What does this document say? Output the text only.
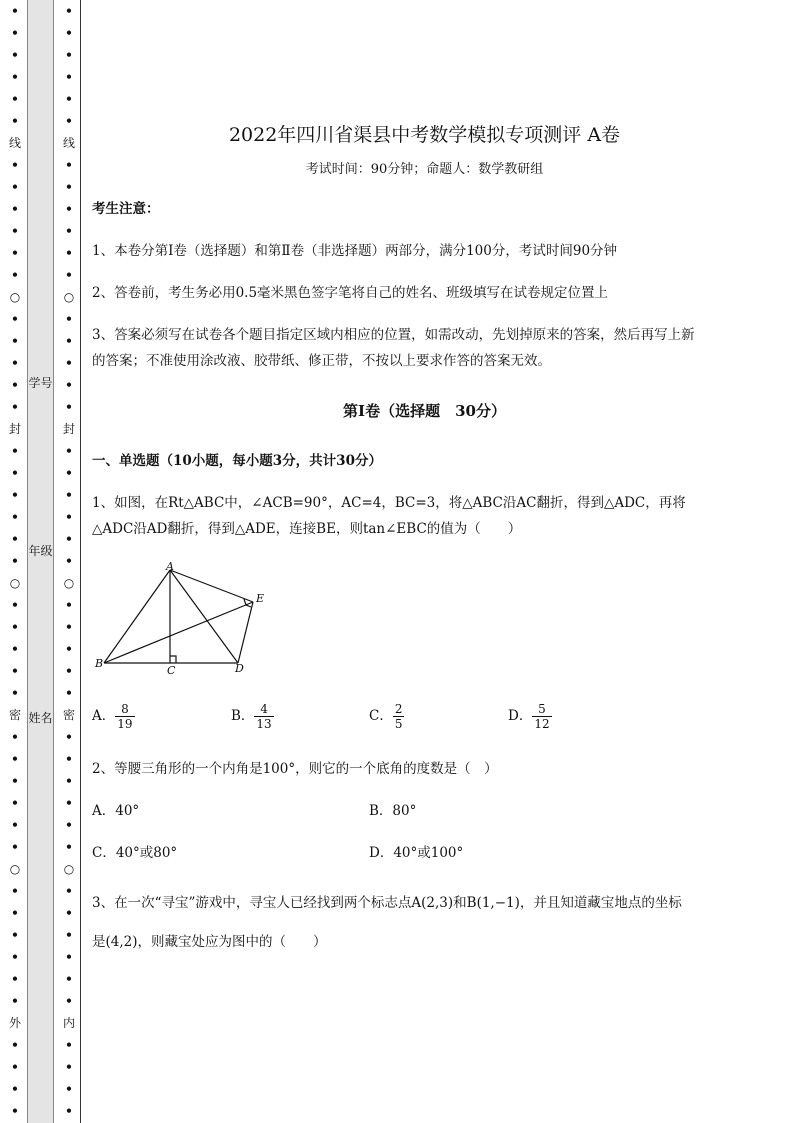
•
•
•
•
•
•
线
•
•
•
•
•
•
○
•
•
•
•
•
封
•
•
•
•
•
•
○
•
•
•
•
•
密
•
•
•
•
•
•
○
•
•
•
•
•
•
外
•
•
•
•
学号
年级
姓名
•
•
•
•
•
•
线
•
•
•
•
•
•
○
•
•
•
•
•
封
•
•
•
•
•
•
○
•
•
•
•
•
密
•
•
•
•
•
•
○
•
•
•
•
•
•
内
•
•
•
•
2022年四川省渠县中考数学模拟专项测评 A卷
考试时间：90分钟；命题人：数学教研组
考生注意：
1、本卷分第I卷（选择题）和第Ⅱ卷（非选择题）两部分，满分100分，考试时间90分钟
2、答卷前，考生务必用0.5毫米黑色签字笔将自己的姓名、班级填写在试卷规定位置上
3、答案必须写在试卷各个题目指定区域内相应的位置，如需改动，先划掉原来的答案，然后再写上新
的答案；不准使用涂改液、胶带纸、修正带，不按以上要求作答的答案无效。
第I卷（选择题　30分）
一、单选题（10小题，每小题3分，共计30分）
1、如图，在Rt△ABC中，∠ACB=90°，AC=4，BC=3，将△ABC沿AC翻折，得到△ADC，再将
△ADC沿AD翻折，得到△ADE，连接BE，则tan∠EBC的值为（　　）
A
B
C	D
E
A． $\frac{8}{19}$	B． $\frac{4}{13}$	C． $\frac{2}{5}$	D． $\frac{5}{12}$
2、等腰三角形的一个内角是100°，则它的一个底角的度数是（　）
A．40°	B．80°
C．40°或80°	D．40°或100°
3、在一次“寻宝”游戏中，寻宝人已经找到两个标志点A(2,3)和B(1,−1)，并且知道藏宝地点的坐标
是(4,2)，则藏宝处应为图中的（　　）
